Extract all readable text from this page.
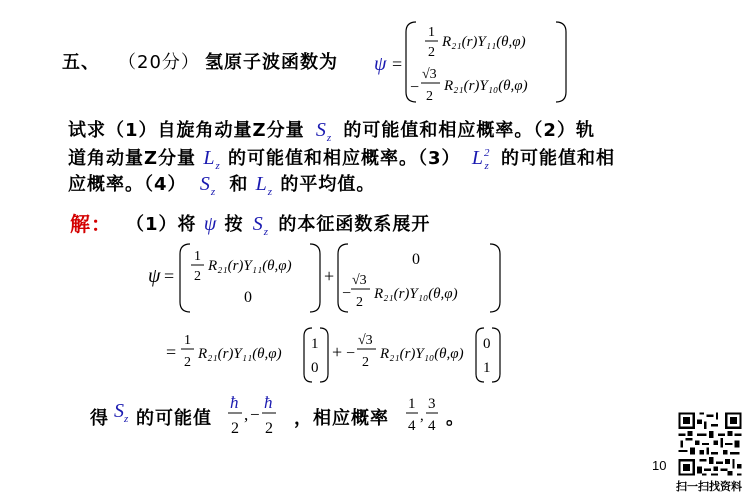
五、 （20分） 氢原子波函数为 ψ =
1
2
R₂₁(r)Y₁₁(θ,φ)
−
√3
2
R₂₁(r)Y₁₀(θ,φ)
试求（1）自旋角动量Z分量 $S_z$ 的可能值和相应概率。（2）轨
道角动量Z分量 $L_z$ 的可能值和相应概率。（3） $L^2_z$ 的可能值和相
应概率。（4） $S_z$ 和 $L_z$ 的平均值。
解： （1）将 ψ 按 $S_z$ 的本征函数系展开
ψ =
1
2
R₂₁(r)Y₁₁(θ,φ)
0
+
0
−
√3
2
R₂₁(r)Y₁₀(θ,φ)
=
1
2
R₂₁(r)Y₁₁(θ,φ)
1
0
+ −
√3
2
R₂₁(r)Y₁₀(θ,φ)
0
1
得 $S_z$ 的可能值
ħ
2
, −
ħ
2 ，相应概率
1
4
,
3
4 。
10
扫一扫找资料
